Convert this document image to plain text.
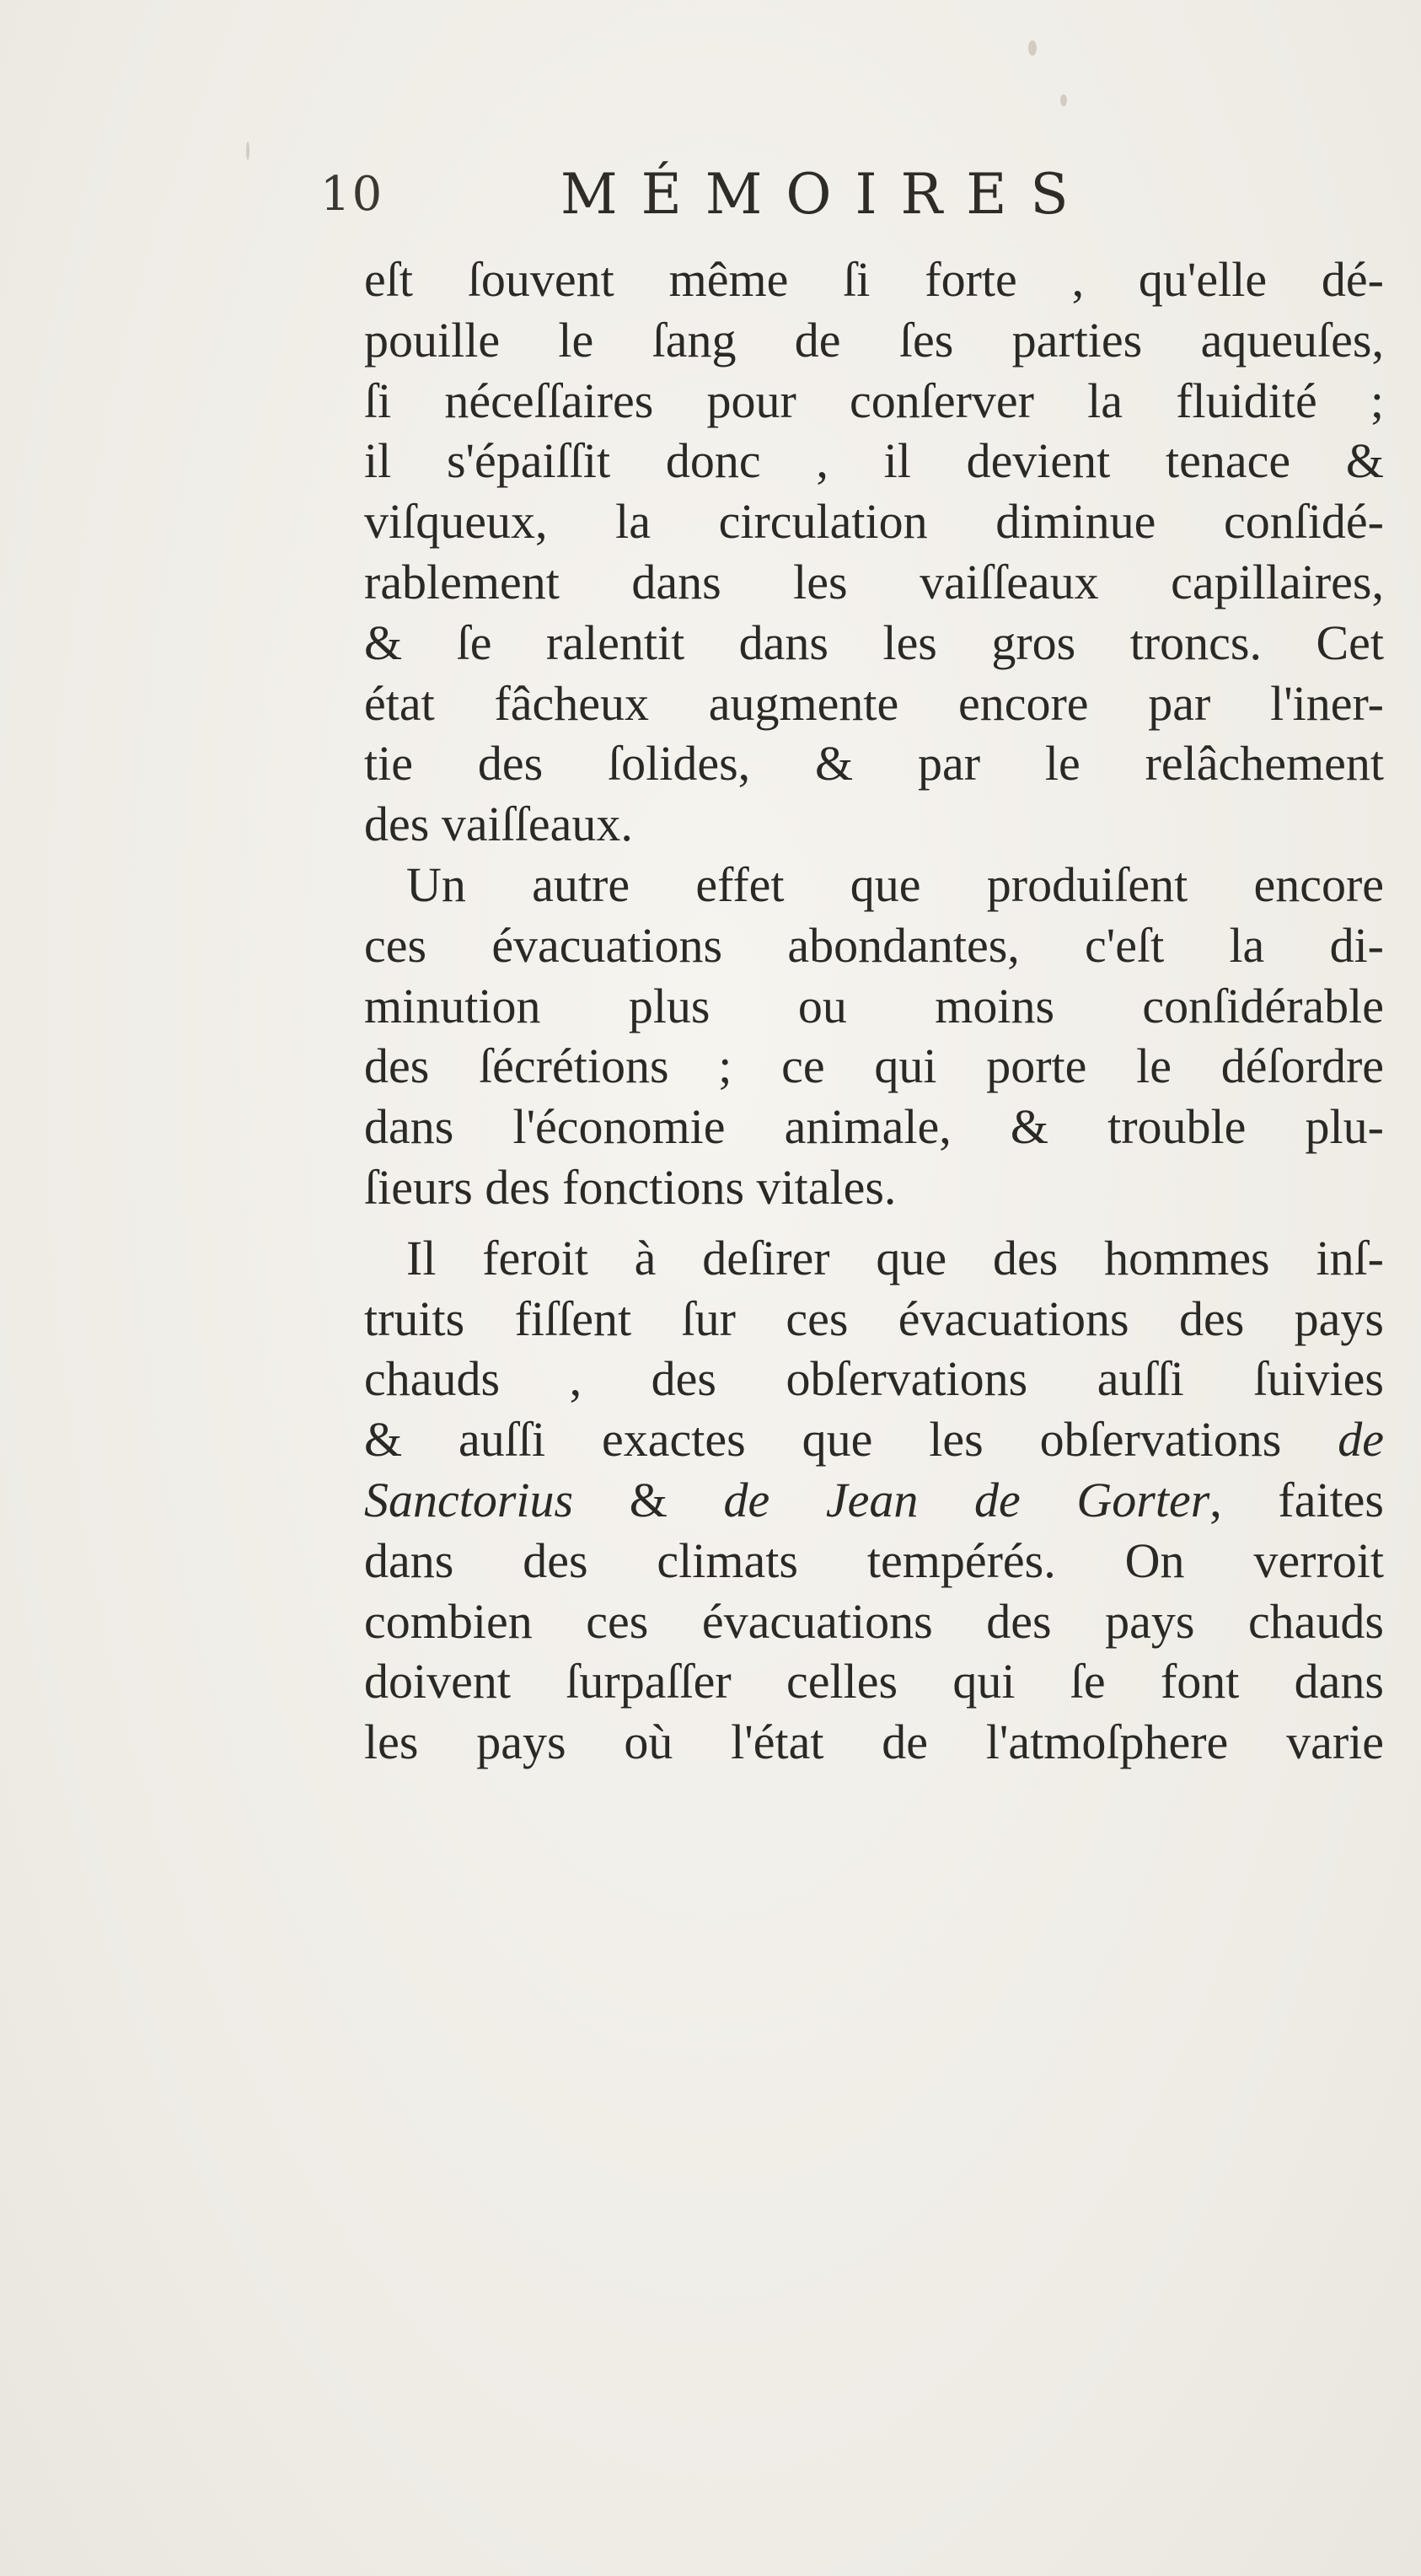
10	MÉMOIRES

eſt ſouvent même ſi forte , qu'elle dé-
pouille le ſang de ſes parties aqueuſes,
ſi néceſſaires pour conſerver la fluidité ;
il s'épaiſſit donc , il devient tenace &
viſqueux, la circulation diminue conſidé-
rablement dans les vaiſſeaux capillaires,
& ſe ralentit dans les gros troncs. Cet
état fâcheux augmente encore par l'iner-
tie des ſolides, & par le relâchement
des vaiſſeaux.

Un autre effet que produiſent encore
ces évacuations abondantes, c'eſt la di-
minution plus ou moins conſidérable
des ſécrétions ; ce qui porte le déſordre
dans l'économie animale, & trouble plu-
ſieurs des fonctions vitales.

Il feroit à deſirer que des hommes inſ-
truits fiſſent ſur ces évacuations des pays
chauds , des obſervations auſſi ſuivies
& auſſi exactes que les obſervations de
Sanctorius & de Jean de Gorter, faites
dans des climats tempérés. On verroit
combien ces évacuations des pays chauds
doivent ſurpaſſer celles qui ſe font dans
les pays où l'état de l'atmoſphere varie
